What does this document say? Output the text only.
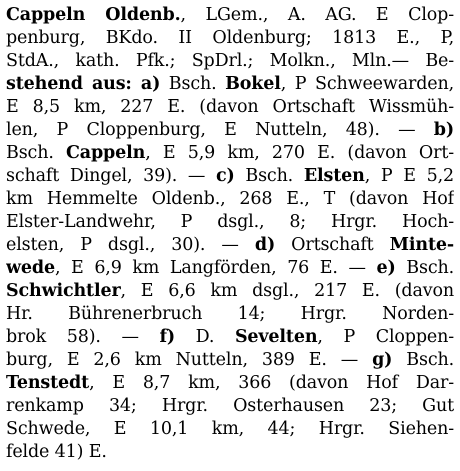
Cappeln Oldenb., LGem., A. AG. E Clop-
penburg, BKdo. II Oldenburg; 1813 E., P,
StdA., kath. Pfk.; SpDrl.; Molkn., Mln.— Be-
stehend aus: a) Bsch. Bokel, P Schweewarden,
E 8,5 km, 227 E. (davon Ortschaft Wissmüh-
len, P Cloppenburg, E Nutteln, 48). — b)
Bsch. Cappeln, E 5,9 km, 270 E. (davon Ort-
schaft Dingel, 39). — c) Bsch. Elsten, P E 5,2
km Hemmelte Oldenb., 268 E., T (davon Hof
Elster-Landwehr, P dsgl., 8; Hrgr. Hoch-
elsten, P dsgl., 30). — d) Ortschaft Minte-
wede, E 6,9 km Langförden, 76 E. — e) Bsch.
Schwichtler, E 6,6 km dsgl., 217 E. (davon
Hr. Bührenerbruch 14; Hrgr. Norden-
brok 58). — f) D. Sevelten, P Cloppen-
burg, E 2,6 km Nutteln, 389 E. — g) Bsch.
Tenstedt, E 8,7 km, 366 (davon Hof Dar-
renkamp 34; Hrgr. Osterhausen 23; Gut
Schwede, E 10,1 km, 44; Hrgr. Siehen-
felde 41) E.
